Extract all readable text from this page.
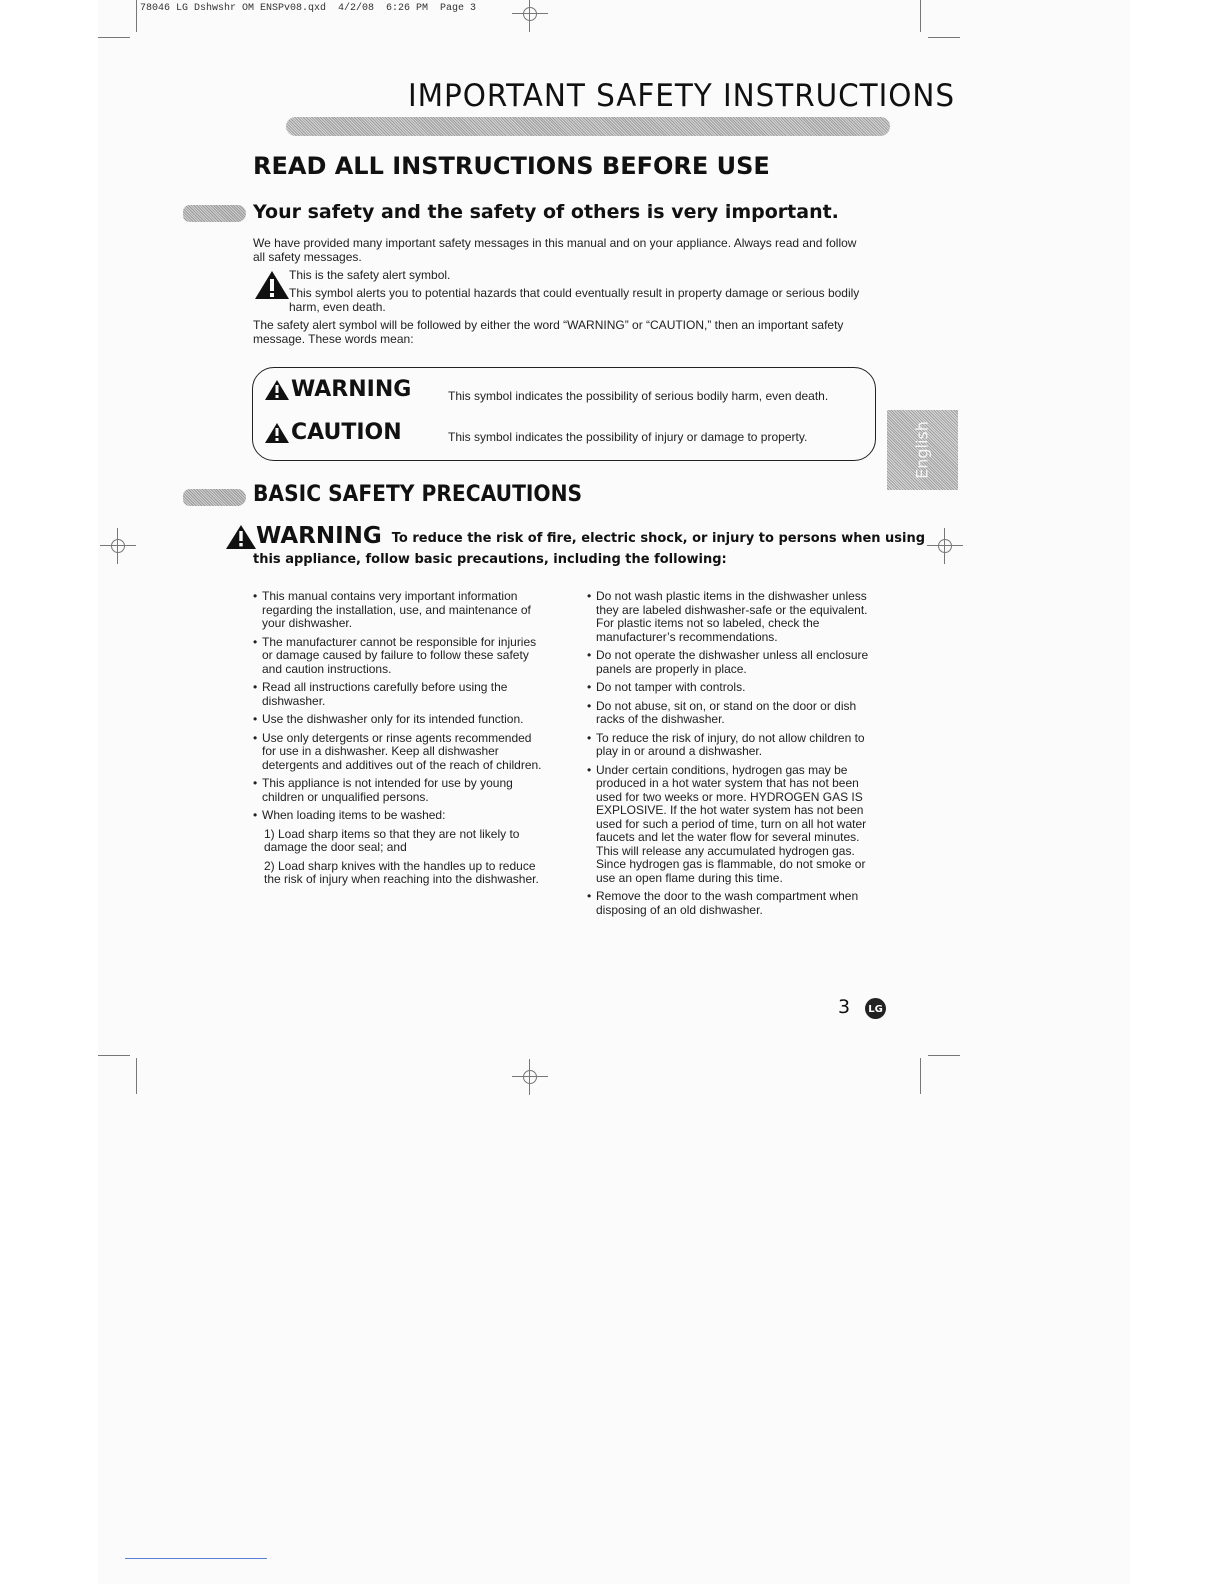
78046 LG Dshwshr OM ENSPv08.qxd  4/2/08  6:26 PM  Page 3
IMPORTANT SAFETY INSTRUCTIONS
READ ALL INSTRUCTIONS BEFORE USE
Your safety and the safety of others is very important.
We have provided many important safety messages in this manual and on your appliance. Always read and follow all safety messages.
This is the safety alert symbol.
This symbol alerts you to potential hazards that could eventually result in property damage or serious bodily harm, even death.
The safety alert symbol will be followed by either the word “WARNING” or “CAUTION,” then an important safety message. These words mean:
WARNING	This symbol indicates the possibility of serious bodily harm, even death.
CAUTION	This symbol indicates the possibility of injury or damage to property.	English
BASIC SAFETY PRECAUTIONS
WARNING To reduce the risk of fire, electric shock, or injury to persons when using
this appliance, follow basic precautions, including the following:
• This manual contains very important information regarding the installation, use, and maintenance of your dishwasher.
• The manufacturer cannot be responsible for injuries or damage caused by failure to follow these safety and caution instructions.
• Read all instructions carefully before using the dishwasher.
• Use the dishwasher only for its intended function.
• Use only detergents or rinse agents recommended for use in a dishwasher. Keep all dishwasher detergents and additives out of the reach of children.
• This appliance is not intended for use by young children or unqualified persons.
• When loading items to be washed:
1) Load sharp items so that they are not likely to damage the door seal; and
2) Load sharp knives with the handles up to reduce the risk of injury when reaching into the dishwasher.
• Do not wash plastic items in the dishwasher unless they are labeled dishwasher-safe or the equivalent. For plastic items not so labeled, check the manufacturer’s recommendations.
• Do not operate the dishwasher unless all enclosure panels are properly in place.
• Do not tamper with controls.
• Do not abuse, sit on, or stand on the door or dish racks of the dishwasher.
• To reduce the risk of injury, do not allow children to play in or around a dishwasher.
• Under certain conditions, hydrogen gas may be produced in a hot water system that has not been used for two weeks or more. HYDROGEN GAS IS EXPLOSIVE. If the hot water system has not been used for such a period of time, turn on all hot water faucets and let the water flow for several minutes. This will release any accumulated hydrogen gas. Since hydrogen gas is flammable, do not smoke or use an open flame during this time.
• Remove the door to the wash compartment when disposing of an old dishwasher.
3	LG
